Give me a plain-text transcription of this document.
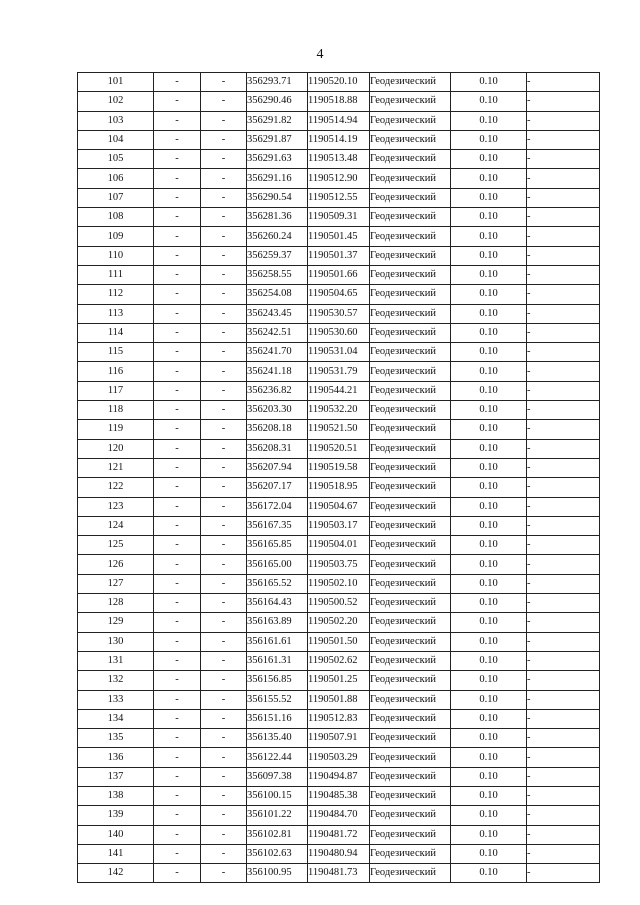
4
101	-	-	356293.71	1190520.10	Геодезический	0.10	-
102	-	-	356290.46	1190518.88	Геодезический	0.10	-
103	-	-	356291.82	1190514.94	Геодезический	0.10	-
104	-	-	356291.87	1190514.19	Геодезический	0.10	-
105	-	-	356291.63	1190513.48	Геодезический	0.10	-
106	-	-	356291.16	1190512.90	Геодезический	0.10	-
107	-	-	356290.54	1190512.55	Геодезический	0.10	-
108	-	-	356281.36	1190509.31	Геодезический	0.10	-
109	-	-	356260.24	1190501.45	Геодезический	0.10	-
110	-	-	356259.37	1190501.37	Геодезический	0.10	-
111	-	-	356258.55	1190501.66	Геодезический	0.10	-
112	-	-	356254.08	1190504.65	Геодезический	0.10	-
113	-	-	356243.45	1190530.57	Геодезический	0.10	-
114	-	-	356242.51	1190530.60	Геодезический	0.10	-
115	-	-	356241.70	1190531.04	Геодезический	0.10	-
116	-	-	356241.18	1190531.79	Геодезический	0.10	-
117	-	-	356236.82	1190544.21	Геодезический	0.10	-
118	-	-	356203.30	1190532.20	Геодезический	0.10	-
119	-	-	356208.18	1190521.50	Геодезический	0.10	-
120	-	-	356208.31	1190520.51	Геодезический	0.10	-
121	-	-	356207.94	1190519.58	Геодезический	0.10	-
122	-	-	356207.17	1190518.95	Геодезический	0.10	-
123	-	-	356172.04	1190504.67	Геодезический	0.10	-
124	-	-	356167.35	1190503.17	Геодезический	0.10	-
125	-	-	356165.85	1190504.01	Геодезический	0.10	-
126	-	-	356165.00	1190503.75	Геодезический	0.10	-
127	-	-	356165.52	1190502.10	Геодезический	0.10	-
128	-	-	356164.43	1190500.52	Геодезический	0.10	-
129	-	-	356163.89	1190502.20	Геодезический	0.10	-
130	-	-	356161.61	1190501.50	Геодезический	0.10	-
131	-	-	356161.31	1190502.62	Геодезический	0.10	-
132	-	-	356156.85	1190501.25	Геодезический	0.10	-
133	-	-	356155.52	1190501.88	Геодезический	0.10	-
134	-	-	356151.16	1190512.83	Геодезический	0.10	-
135	-	-	356135.40	1190507.91	Геодезический	0.10	-
136	-	-	356122.44	1190503.29	Геодезический	0.10	-
137	-	-	356097.38	1190494.87	Геодезический	0.10	-
138	-	-	356100.15	1190485.38	Геодезический	0.10	-
139	-	-	356101.22	1190484.70	Геодезический	0.10	-
140	-	-	356102.81	1190481.72	Геодезический	0.10	-
141	-	-	356102.63	1190480.94	Геодезический	0.10	-
142	-	-	356100.95	1190481.73	Геодезический	0.10	-
